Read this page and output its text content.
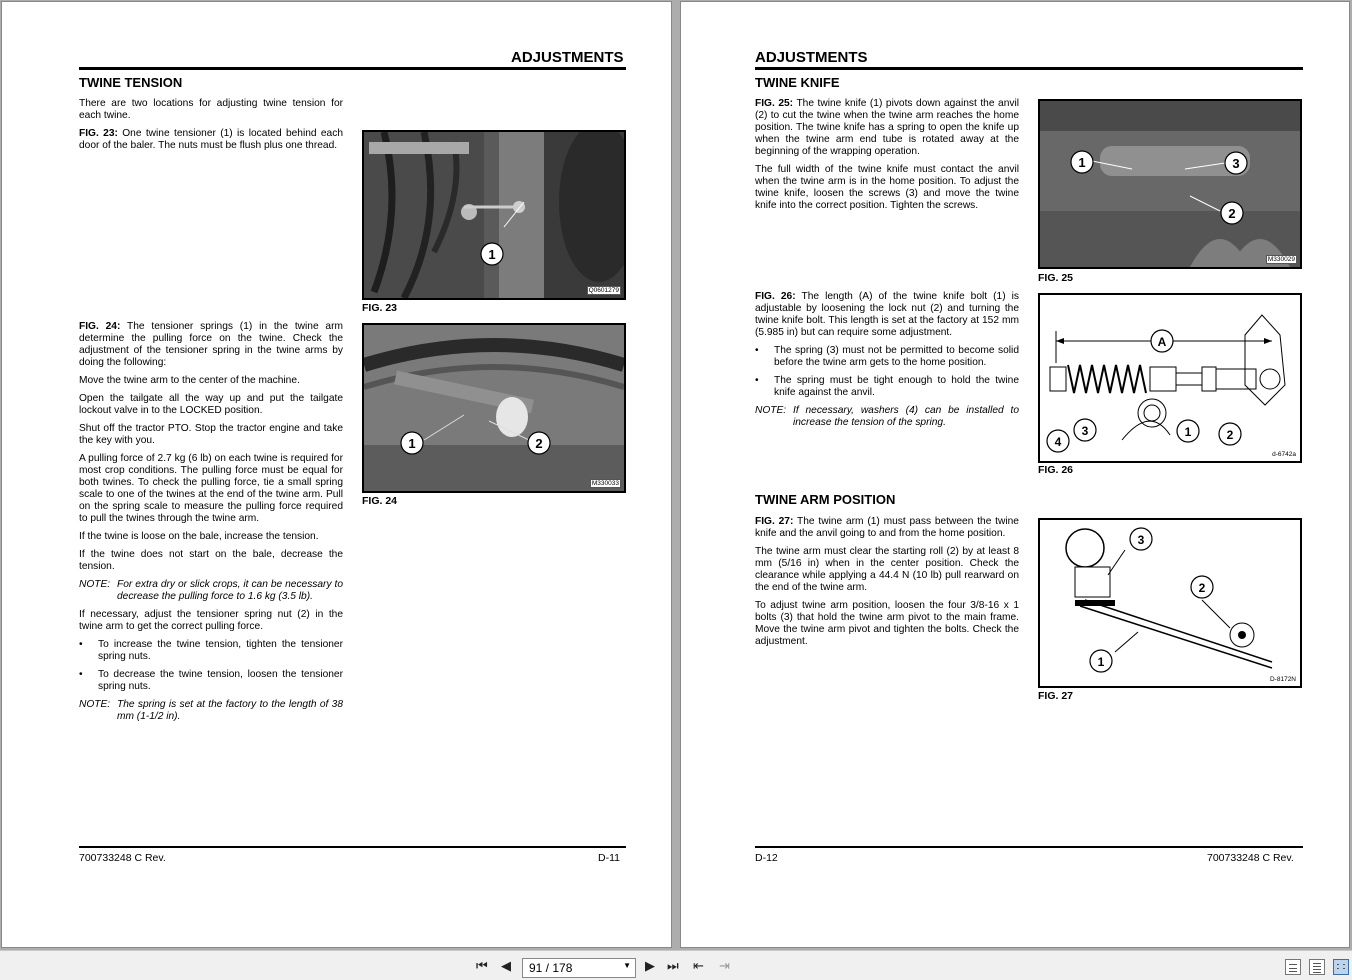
ADJUSTMENTS
TWINE TENSION

There are two locations for adjusting twine tension for each twine.

FIG. 23: One twine tensioner (1) is located behind each door of the baler. The nuts must be flush plus one thread.

FIG. 24: The tensioner springs (1) in the twine arm determine the pulling force on the twine. Check the adjustment of the tensioner spring in the twine arms by doing the following:

Move the twine arm to the center of the machine.

Open the tailgate all the way up and put the tailgate lockout valve in to the LOCKED position.

Shut off the tractor PTO. Stop the tractor engine and take the key with you.

A pulling force of 2.7 kg (6 lb) on each twine is required for most crop conditions. The pulling force must be equal for both twines. To check the pulling force, tie a small spring scale to one of the twines at the end of the twine arm. Pull on the spring scale to measure the pulling force required to pull the twines through the twine arm.

If the twine is loose on the bale, increase the tension.

If the twine does not start on the bale, decrease the tension.

NOTE: For extra dry or slick crops, it can be necessary to decrease the pulling force to 1.6 kg (3.5 lb).

If necessary, adjust the tensioner spring nut (2) in the twine arm to get the correct pulling force.

•	To increase the twine tension, tighten the tensioner spring nuts.
•	To decrease the twine tension, loosen the tensioner spring nuts.
NOTE: The spring is set at the factory to the length of 38 mm (1-1/2 in).
1
Q0601279
FIG. 23
1	2
M330033
FIG. 24
700733248 C Rev.	D-11
ADJUSTMENTS
TWINE KNIFE

FIG. 25: The twine knife (1) pivots down against the anvil (2) to cut the twine when the twine arm reaches the home position. The twine knife has a spring to open the knife up when the twine arm end tube is rotated away at the beginning of the wrapping operation.

The full width of the twine knife must contact the anvil when the twine arm is in the home position. To adjust the twine knife, loosen the screws (3) and move the twine knife into the correct position. Tighten the screws.

FIG. 26: The length (A) of the twine knife bolt (1) is adjustable by loosening the lock nut (2) and turning the twine knife bolt. This length is set at the factory at 152 mm (5.985 in) but can require some adjustment.

•	The spring (3) must not be permitted to become solid before the twine arm gets to the home position.
•	The spring must be tight enough to hold the twine knife against the anvil.
NOTE: If necessary, washers (4) can be installed to increase the tension of the spring.
TWINE ARM POSITION

FIG. 27: The twine arm (1) must pass between the twine knife and the anvil going to and from the home position.

The twine arm must clear the starting roll (2) by at least 8 mm (5/16 in) when in the center position. Check the clearance while applying a 44.4 N (10 lb) pull rearward on the end of the twine arm.

To adjust twine arm position, loosen the four 3/8-16 x 1 bolts (3) that hold the twine arm pivot to the main frame. Move the twine arm pivot and tighten the bolts. Check the adjustment.

1	3
2
M330029
FIG. 25
A
4
3	1	2
d-6742a
FIG. 26
3
2
1
D-8172N
FIG. 27
D-12	700733248 C Rev.
⏮ ◀	91 / 178	▼ ▶ ⏭ ⇤ ⇥
